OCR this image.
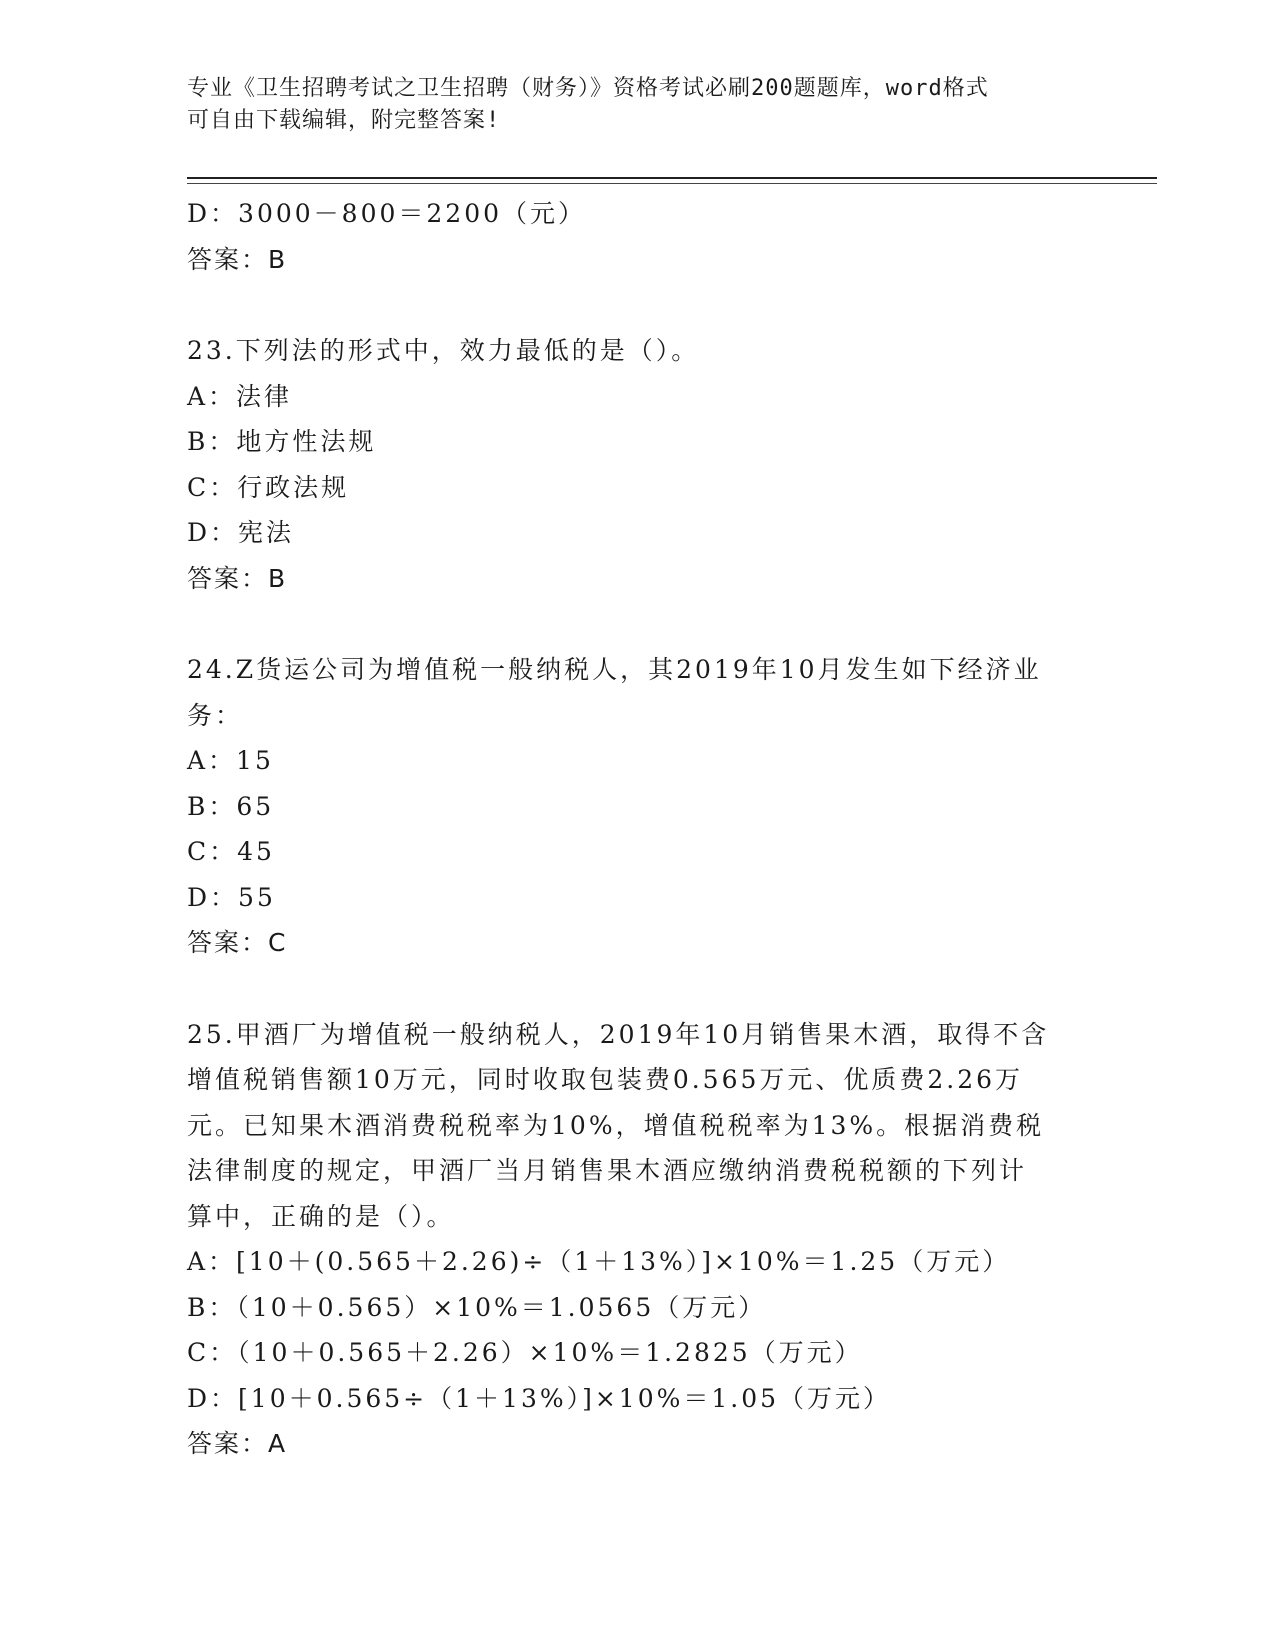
专业《卫生招聘考试之卫生招聘（财务）》资格考试必刷200题题库，word格式
可自由下载编辑，附完整答案!
D：3000－800＝2200（元）
答案：B
23.下列法的形式中，效力最低的是（）。
A：法律
B：地方性法规
C：行政法规
D：宪法
答案：B
24.Z货运公司为增值税一般纳税人，其2019年10月发生如下经济业
务：
A：15
B：65
C：45
D：55
答案：C
25.甲酒厂为增值税一般纳税人，2019年10月销售果木酒，取得不含
增值税销售额10万元，同时收取包装费0.565万元、优质费2.26万
元。已知果木酒消费税税率为10%，增值税税率为13%。根据消费税
法律制度的规定，甲酒厂当月销售果木酒应缴纳消费税税额的下列计
算中，正确的是（）。
A：[10＋(0.565＋2.26)÷（1＋13%）]×10%＝1.25（万元）
B：（10＋0.565）×10%＝1.0565（万元）
C：（10＋0.565＋2.26）×10%＝1.2825（万元）
D：[10＋0.565÷（1＋13%）]×10%＝1.05（万元）
答案：A
